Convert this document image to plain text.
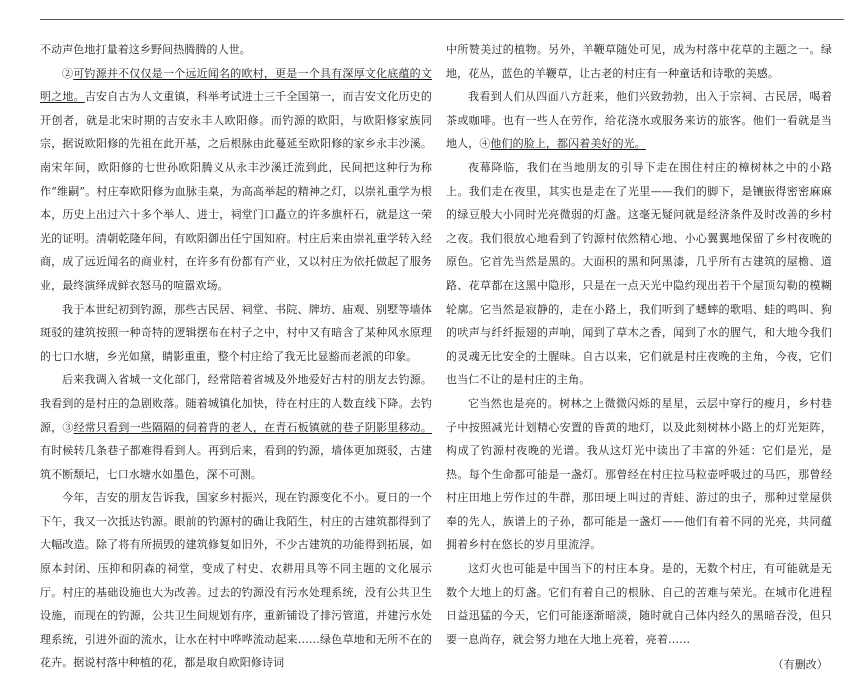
不动声色地打量着这乡野间热腾腾的人世。

②可钓源并不仅仅是一个远近闻名的欧村，更是一个具有深厚文化底蕴的文明之地。吉安自古为人文重镇，科举考试进士三千全国第一，而吉安文化历史的开创者，就是北宋时期的吉安永丰人欧阳修。而钓源的欧阳，与欧阳修家族同宗，据说欧阳修的先祖在此开基，之后根脉由此蔓延至欧阳修的家乡永丰沙溪。南宋年间，欧阳修的七世孙欧阳腾义从永丰沙溪迁流到此，民间把这种行为称作“维嗣”。村庄奉欧阳修为血脉圭臬，为高高举起的精神之灯，以崇礼重学为根本，历史上出过六十多个举人、进士，祠堂门口矗立的许多旗杆石，就是这一荣光的证明。清朝乾隆年间，有欧阳御出任宁国知府。村庄后来由崇礼重学转入经商，成了远近闻名的商业村，在许多有份都有产业，又以村庄为依托做起了服务业，最终演绎成鲜衣怒马的喧嚣欢场。

我于本世纪初到钓源，那些古民居、祠堂、书院、牌坊、庙观、别墅等墙体斑驳的建筑按照一种奇特的逻辑摆布在村子之中，村中又有暗含了某种风水原理的七口水塘，乡光如黛，睛影重重，整个村庄给了我无比显豁而老派的印象。

后来我调入省城一文化部门，经常陪着省城及外地爱好古村的朋友去钓源。我看到的是村庄的急剧败落。随着城镇化加快，待在村庄的人数直线下降。去钓源，③经常只看到一些隔隔的伺着背的老人，在青石板镇就的巷子阴影里移动。有时候转几条巷子都难得看到人。再到后来，看到的钓源，墙体更加斑驳，古建筑不断颓圮，七口水塘水如墨色，深不可测。

今年，吉安的朋友告诉我，国家乡村振兴，现在钓源变化不小。夏日的一个下午，我又一次抵达钓源。眼前的钓源村的确让我陌生，村庄的古建筑都得到了大幅改造。除了将有所损毁的建筑修复如旧外，不少古建筑的功能得到拓展，如原本封闭、压抑和阴森的祠堂，变成了村史、农耕用具等不同主题的文化展示厅。村庄的基础设施也大为改善。过去的钓源没有污水处理系统，没有公共卫生设施，而现在的钓源，公共卫生间规划有序，重新铺设了排污管道，并建污水处理系统，引进外面的流水，让水在村中哗哗流动起来……绿色草地和无所不在的花卉。据说村落中种植的花，都是取自欧阳修诗词

中所赞美过的植物。另外，羊鞭草随处可见，成为村落中花草的主题之一。绿地，花丛，蓝色的羊鞭草，让古老的村庄有一种童话和诗歌的美感。

我看到人们从四面八方赶来，他们兴致勃勃，出入于宗祠、古民居，喝着茶或咖啡。也有一些人在劳作，给花浇水或服务来访的旅客。他们一看就是当地人，④他们的脸上，都闪着美好的光。

夜幕降临，我们在当地朋友的引导下走在围住村庄的樟树林之中的小路上。我们走在夜里，其实也是走在了光里——我们的脚下，是镶嵌得密密麻麻的绿豆般大小同时光亮微弱的灯盏。这毫无疑问就是经济条件及时改善的乡村之夜。我们很放心地看到了钓源村依然精心地、小心翼翼地保留了乡村夜晚的原色。它首先当然是黑的。大面积的黑和阿黑漆，几乎所有古建筑的屋檐、道路、花草都在这黑中隐形，只是在一点天光中隐约现出若干个屋顶勾勒的模糊轮廓。它当然是寂静的，走在小路上，我们听到了蟋蟀的歌唱、蛙的鸣叫、狗的吠声与纤纤振翅的声响，闻到了草木之香，闻到了水的腥气，和大地今我们的灵魂无比安全的土腥味。自古以来，它们就是村庄夜晚的主角，今夜，它们也当仁不让的是村庄的主角。

它当然也是亮的。树林之上微微闪烁的星星，云层中穿行的瘦月，乡村巷子中按照减光计划精心安置的昏黄的地灯，以及此刻树林小路上的灯光矩阵，构成了钓源村夜晚的光谱。我从这灯光中读出了丰富的外延：它们是光，是热。每个生命都可能是一盏灯。那曾经在村庄拉马粒壶呼吸过的马匹，那曾经村庄田地上劳作过的牛群，那田埂上叫过的青蛙、游过的虫子，那种过堂屋供奉的先人，族谱上的子孙，都可能是一盏灯——他们有着不同的光亮，共同蕴拥着乡村在悠长的岁月里流浮。

这灯火也可能是中国当下的村庄本身。是的，无数个村庄，有可能就是无数个大地上的灯盏。它们有着自己的根脉、自己的苦难与荣光。在城市化进程日益迅猛的今天，它们可能逐渐暗淡，随时就自己体内经久的黑暗吞没，但只要一息尚存，就会努力地在大地上亮着，亮着……

（有删改）
